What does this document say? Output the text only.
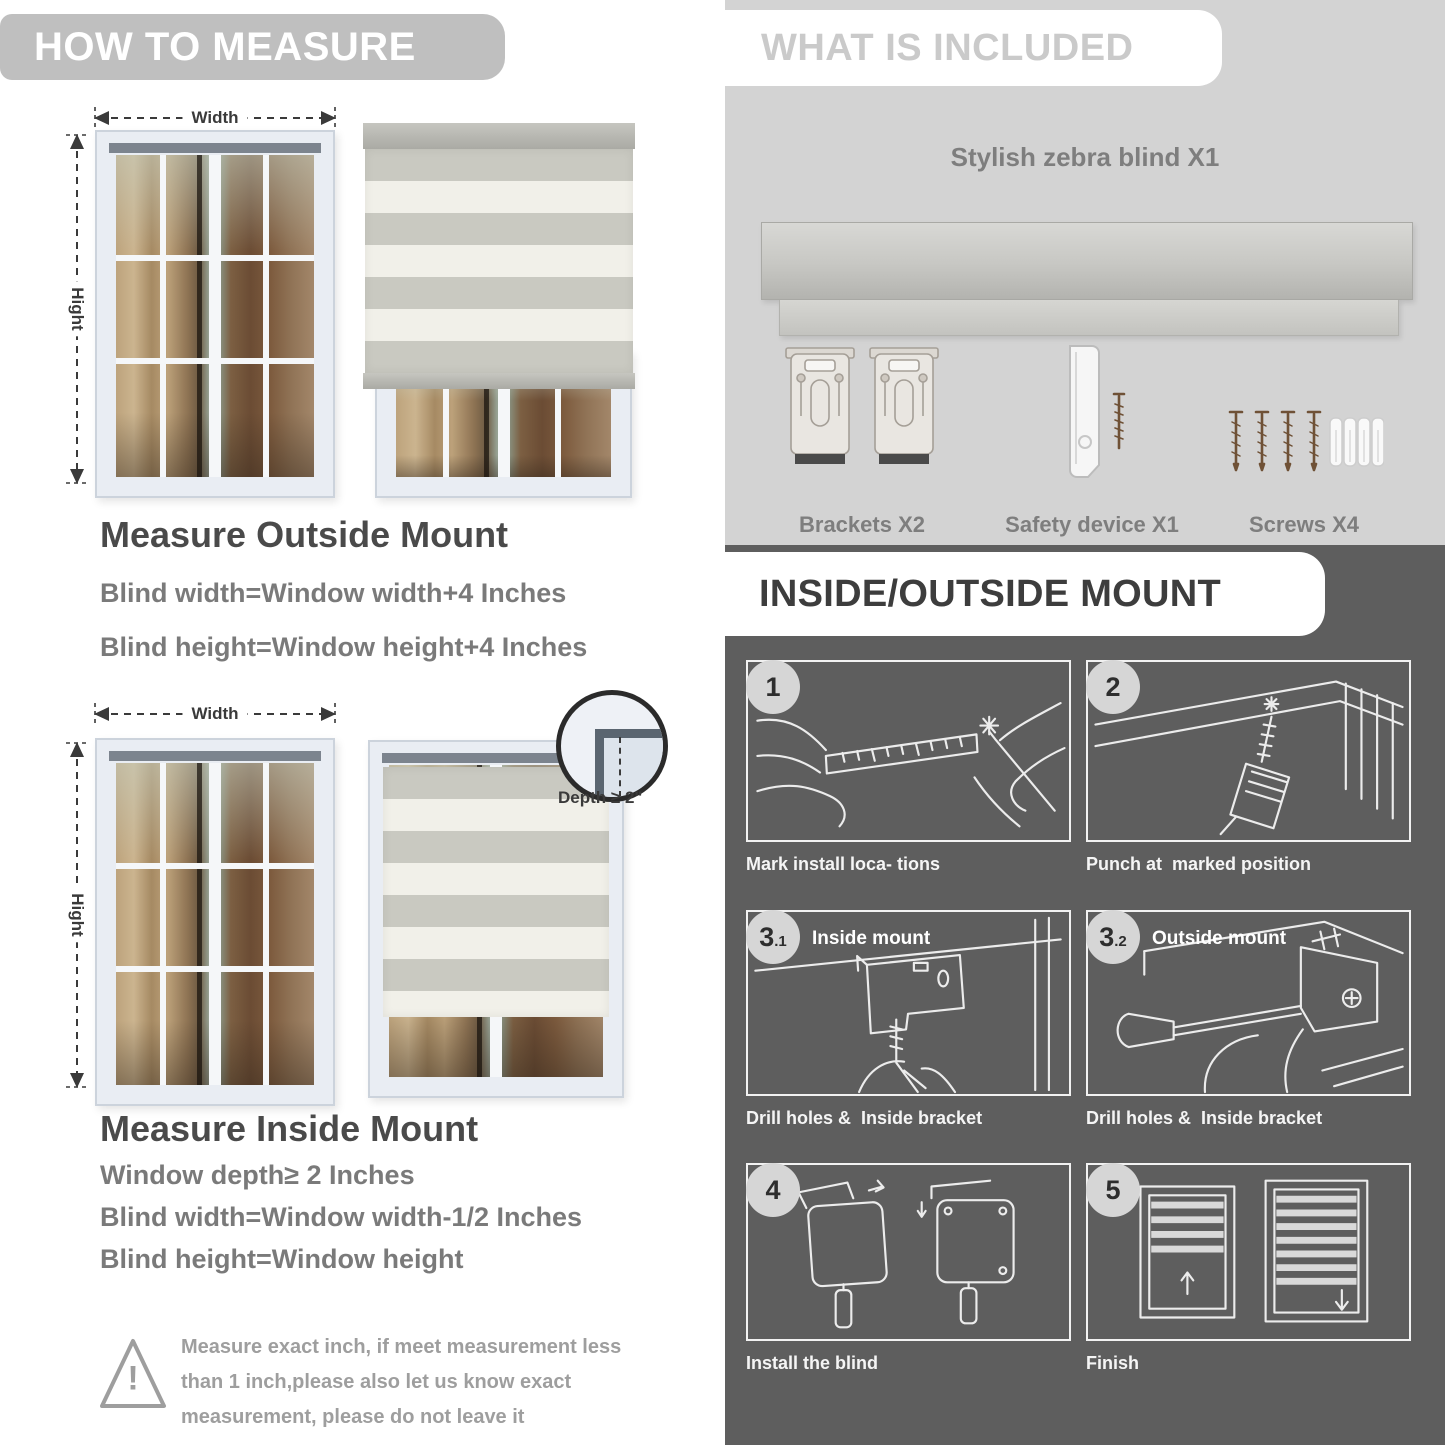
HOW TO MEASURE
Width
Hight
Measure Outside Mount
Blind width=Window width+4 Inches
Blind height=Window height+4 Inches
Width
Hight
Depth ≥ 2"
Measure Inside Mount
Window depth≥ 2 Inches
Blind width=Window width-1/2 Inches
Blind height=Window height
!
Measure exact inch, if meet measurement less than 1 inch,please also let us know exact measurement, please do not leave it
WHAT IS INCLUDED
Stylish zebra blind X1
Brackets X2	Safety device X1	Screws X4
INSIDE/OUTSIDE MOUNT
1
Mark install loca- tions
2
Punch at  marked position
3 .1 Inside mount
Drill holes &  Inside bracket
3 .2 Outside mount
Drill holes &  Inside bracket
4
Install the blind
5
Finish
